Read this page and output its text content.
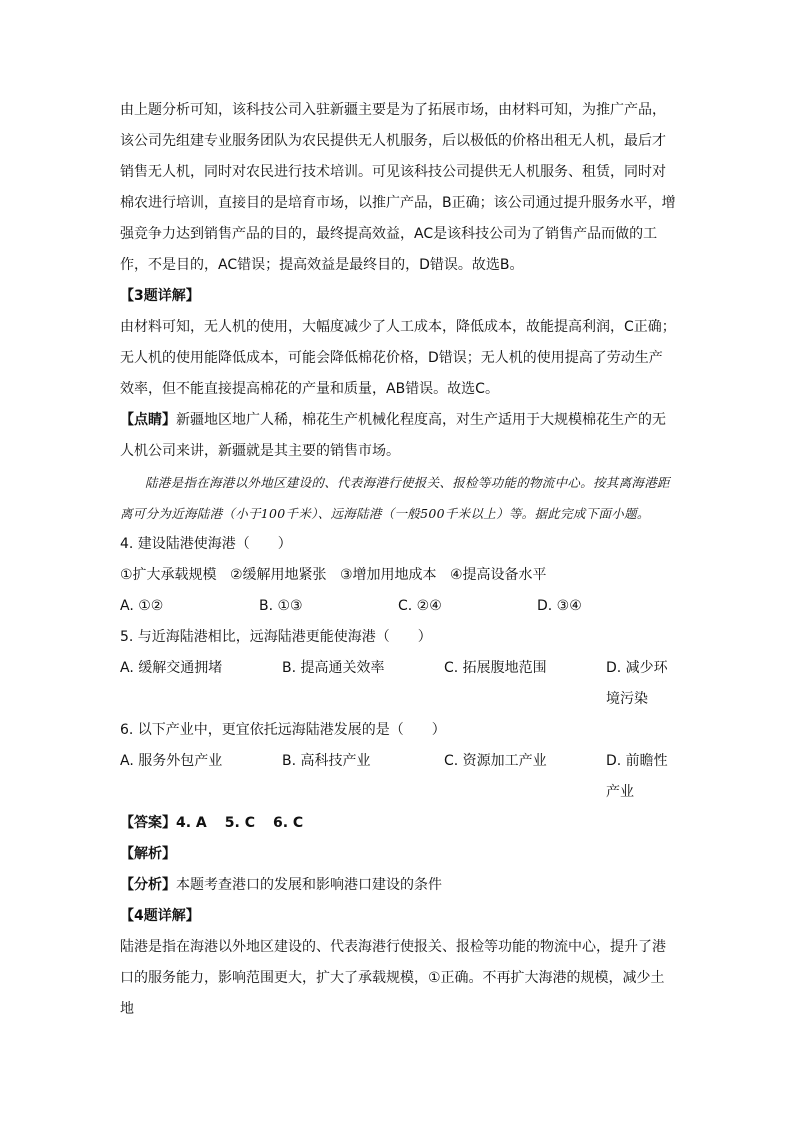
由上题分析可知，该科技公司入驻新疆主要是为了拓展市场，由材料可知，为推广产品，该公司先组建专业服务团队为农民提供无人机服务，后以极低的价格出租无人机，最后才销售无人机，同时对农民进行技术培训。可见该科技公司提供无人机服务、租赁，同时对棉农进行培训，直接目的是培育市场，以推广产品，B正确；该公司通过提升服务水平，增强竞争力达到销售产品的目的，最终提高效益，AC是该科技公司为了销售产品而做的工作，不是目的，AC错误；提高效益是最终目的，D错误。故选B。

【3题详解】

由材料可知，无人机的使用，大幅度减少了人工成本，降低成本，故能提高利润，C正确；无人机的使用能降低成本，可能会降低棉花价格，D错误；无人机的使用提高了劳动生产效率，但不能直接提高棉花的产量和质量，AB错误。故选C。

【点睛】新疆地区地广人稀，棉花生产机械化程度高，对生产适用于大规模棉花生产的无人机公司来讲，新疆就是其主要的销售市场。

陆港是指在海港以外地区建设的、代表海港行使报关、报检等功能的物流中心。按其离海港距离可分为近海陆港（小于100千米）、远海陆港（一般500千米以上）等。据此完成下面小题。

4. 建设陆港使海港（　　）

①扩大承载规模 ②缓解用地紧张 ③增加用地成本 ④提高设备水平
A. ①②	B. ①③	C. ②④	D. ③④

5. 与近海陆港相比，远海陆港更能使海港（　　）

A. 缓解交通拥堵	B. 提高通关效率	C. 拓展腹地范围	D. 减少环境污染

6. 以下产业中，更宜依托远海陆港发展的是（　　）

A. 服务外包产业	B. 高科技产业	C. 资源加工产业	D. 前瞻性产业

【答案】4. A 5. C 6. C

【解析】

【分析】本题考查港口的发展和影响港口建设的条件

【4题详解】

陆港是指在海港以外地区建设的、代表海港行使报关、报检等功能的物流中心，提升了港口的服务能力，影响范围更大，扩大了承载规模，①正确。不再扩大海港的规模，减少土地
